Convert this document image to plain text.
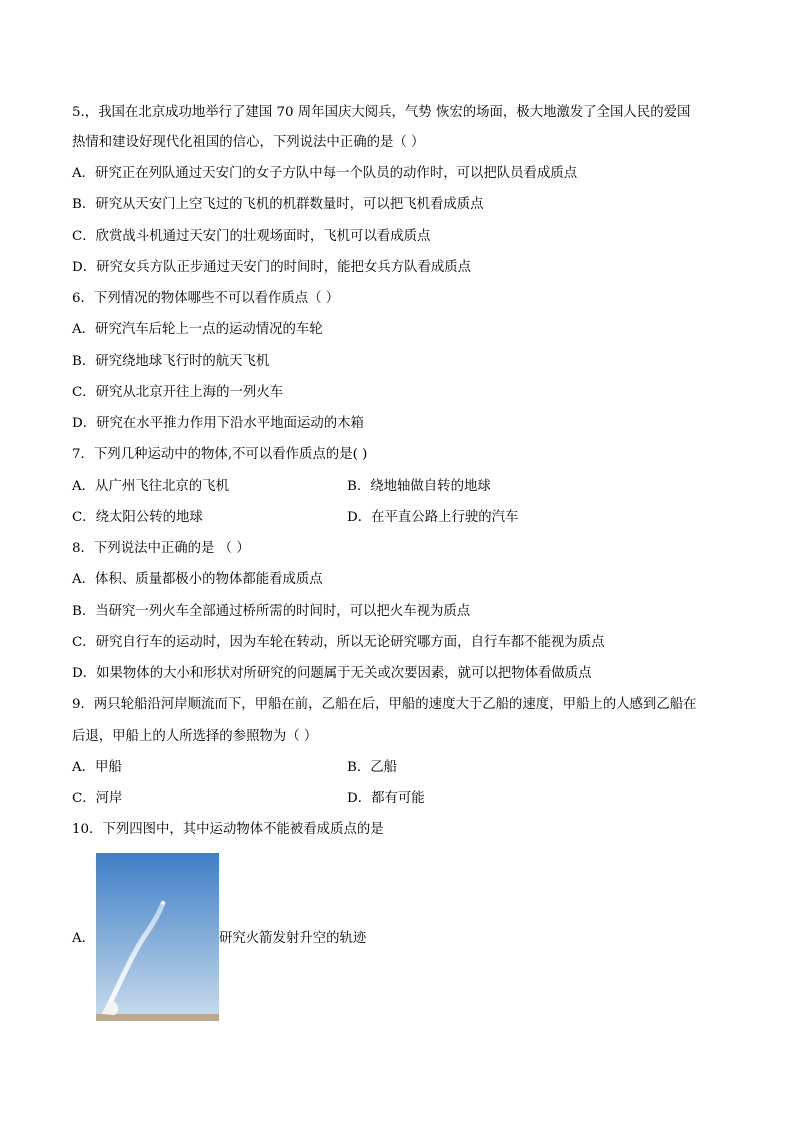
5.，我国在北京成功地举行了建国 70 周年国庆大阅兵，气势 恢宏的场面，极大地激发了全国人民的爱国
热情和建设好现代化祖国的信心，下列说法中正确的是（ ）
A．研究正在列队通过天安门的女子方队中每一个队员的动作时，可以把队员看成质点
B．研究从天安门上空飞过的飞机的机群数量时，可以把飞机看成质点
C．欣赏战斗机通过天安门的壮观场面时，飞机可以看成质点
D．研究女兵方队正步通过天安门的时间时，能把女兵方队看成质点
6．下列情况的物体哪些不可以看作质点（ ）
A．研究汽车后轮上一点的运动情况的车轮
B．研究绕地球飞行时的航天飞机
C．研究从北京开往上海的一列火车
D．研究在水平推力作用下沿水平地面运动的木箱
7．下列几种运动中的物体,不可以看作质点的是( )
A．从广州飞往北京的飞机	B．绕地轴做自转的地球
C．绕太阳公转的地球	D．在平直公路上行驶的汽车
8．下列说法中正确的是 （ ）
A．体积、质量都极小的物体都能看成质点
B．当研究一列火车全部通过桥所需的时间时，可以把火车视为质点
C．研究自行车的运动时，因为车轮在转动，所以无论研究哪方面，自行车都不能视为质点
D．如果物体的大小和形状对所研究的问题属于无关或次要因素，就可以把物体看做质点
9．两只轮船沿河岸顺流而下，甲船在前，乙船在后，甲船的速度大于乙船的速度，甲船上的人感到乙船在
后退，甲船上的人所选择的参照物为（ ）
A．甲船	B．乙船
C．河岸	D．都有可能
10．下列四图中，其中运动物体不能被看成质点的是
A．	研究火箭发射升空的轨迹
